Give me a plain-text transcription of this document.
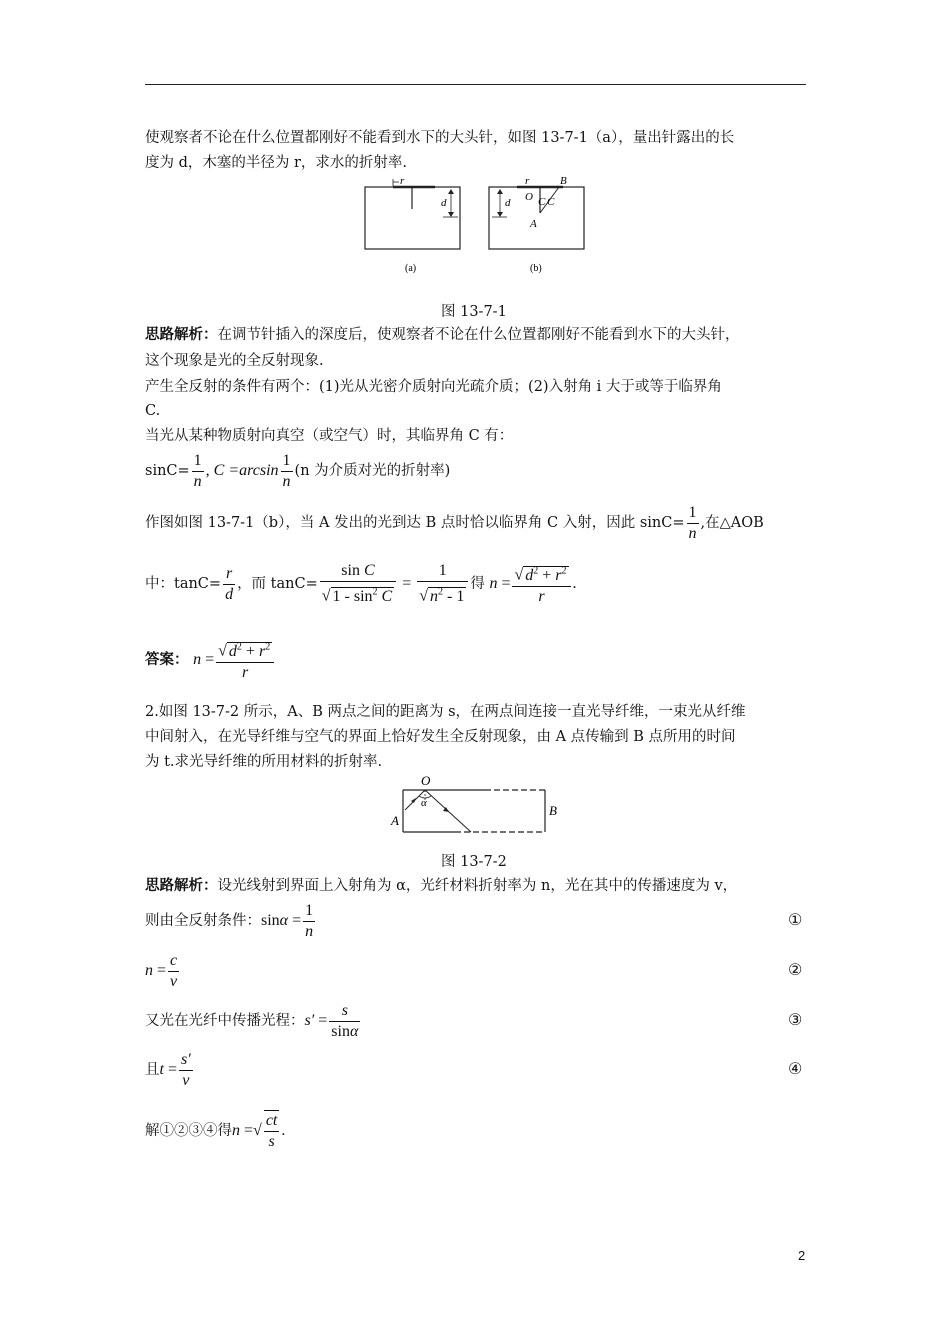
使观察者不论在什么位置都刚好不能看到水下的大头针，如图 13-7-1（a），量出针露出的长
度为 d，木塞的半径为 r，求水的折射率.
r
d
(a)
d
r	B
O C C
A
(b)
图 13-7-1
思路解析：在调节针插入的深度后，使观察者不论在什么位置都刚好不能看到水下的大头针，
这个现象是光的全反射现象.
产生全反射的条件有两个：(1)光从光密介质射向光疏介质；(2)入射角 i 大于或等于临界角
C.
当光从某种物质射向真空（或空气）时，其临界角 C 有：
$\sin C= \frac{1}{n}$ , $C =\arcsin \frac{1}{n} (n$ 为介质对光的折射率)
作图如图 13-7-1（b），当 A 发出的光到达 B 点时恰以临界角 C 入射，因此 $\sin C= \frac{1}{n}$ ,在△AOB
中：$\tan C= \frac{r}{d}$ ，而 $\tan C= \frac{\text{sin C}}{√ 1 - \sin^2 C} = \frac{1}{√ n^2 - 1}$ 得 $n = \frac{√ d^2 + r^2}{r}$ .
答案： $n = \frac{√ d^2 + r^2}{r}$
2.如图 13-7-2 所示，A、B 两点之间的距离为 s，在两点间连接一直光导纤维，一束光从纤维
中间射入，在光导纤维与空气的界面上恰好发生全反射现象，由 A 点传输到 B 点所用的时间
为 t.求光导纤维的所用材料的折射率.
O
α
A
B
图 13-7-2
思路解析：设光线射到界面上入射角为 α，光纤材料折射率为 n，光在其中的传播速度为 v，
则由全反射条件：$\sin\alpha = \frac{1}{n}$	①
$n = \frac{c}{v}$	②
又光在光纤中传播光程：$s' = \frac{s}{\sin\alpha}$	③
且$t = \frac{s'}{v}$	④
解①②③④得n =√ $\frac{ct}{s}$ .
2
